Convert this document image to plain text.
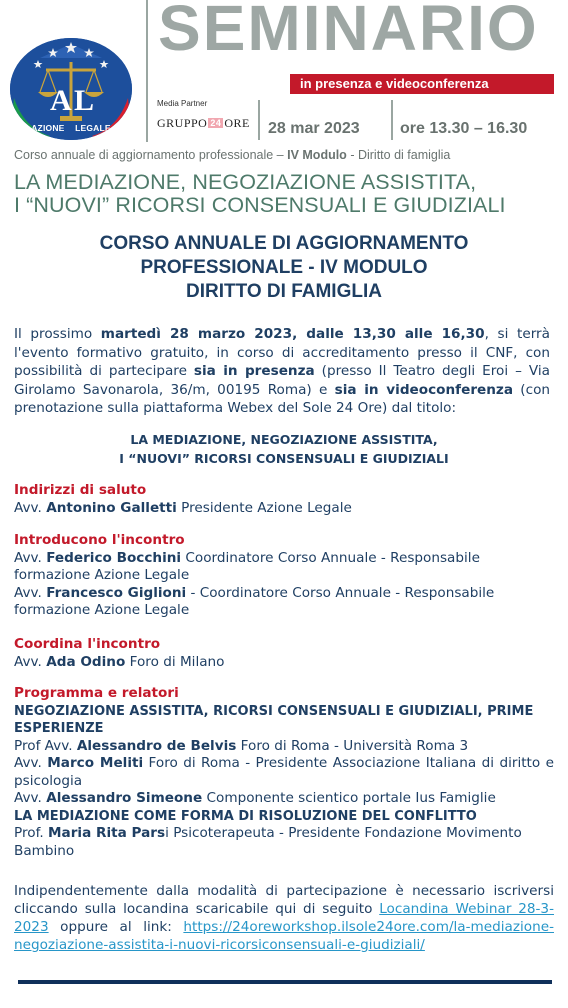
A L
AZIONE LEGALE
SEMINARIO
in presenza e videoconferenza
Media Partner
GRUPPO 24 ORE 28 mar 2023	ore 13.30 – 16.30
Corso annuale di aggiornamento professionale – IV Modulo - Diritto di famiglia
LA MEDIAZIONE, NEGOZIAZIONE ASSISTITA,
I “NUOVI” RICORSI CONSENSUALI E GIUDIZIALI
CORSO ANNUALE DI AGGIORNAMENTO
PROFESSIONALE - IV MODULO
DIRITTO DI FAMIGLIA
Il prossimo martedì 28 marzo 2023, dalle 13,30 alle 16,30, si terrà l'evento formativo gratuito, in corso di accreditamento presso il CNF, con possibilità di partecipare sia in presenza (presso Il Teatro degli Eroi – Via Girolamo Savonarola, 36/m, 00195 Roma) e sia in videoconferenza (con prenotazione sulla piattaforma Webex del Sole 24 Ore) dal titolo:
LA MEDIAZIONE, NEGOZIAZIONE ASSISTITA,
I “NUOVI” RICORSI CONSENSUALI E GIUDIZIALI

Indirizzi di saluto

Avv. Antonino Galletti Presidente Azione Legale

Introducono l'incontro

Avv. Federico Bocchini Coordinatore Corso Annuale - Responsabile formazione Azione Legale

Avv. Francesco Giglioni - Coordinatore Corso Annuale - Responsabile formazione Azione Legale

Coordina l'incontro

Avv. Ada Odino Foro di Milano

Programma e relatori

NEGOZIAZIONE ASSISTITA, RICORSI CONSENSUALI E GIUDIZIALI, PRIME ESPERIENZE

Prof Avv. Alessandro de Belvis Foro di Roma - Università Roma 3

Avv. Marco Meliti Foro di Roma - Presidente Associazione Italiana di diritto e psicologia

Avv. Alessandro Simeone Componente scientico portale Ius Famiglie

LA MEDIAZIONE COME FORMA DI RISOLUZIONE DEL CONFLITTO

Prof. Maria Rita Parsi Psicoterapeuta - Presidente Fondazione Movimento Bambino

Indipendentemente dalla modalità di partecipazione è necessario iscriversi cliccando sulla locandina scaricabile qui di seguito Locandina Webinar 28-3-2023 oppure al link: https://24oreworkshop.ilsole24ore.com/la-mediazione-negoziazione-assistita-i-nuovi-ricorsiconsensuali-e-giudiziali/
